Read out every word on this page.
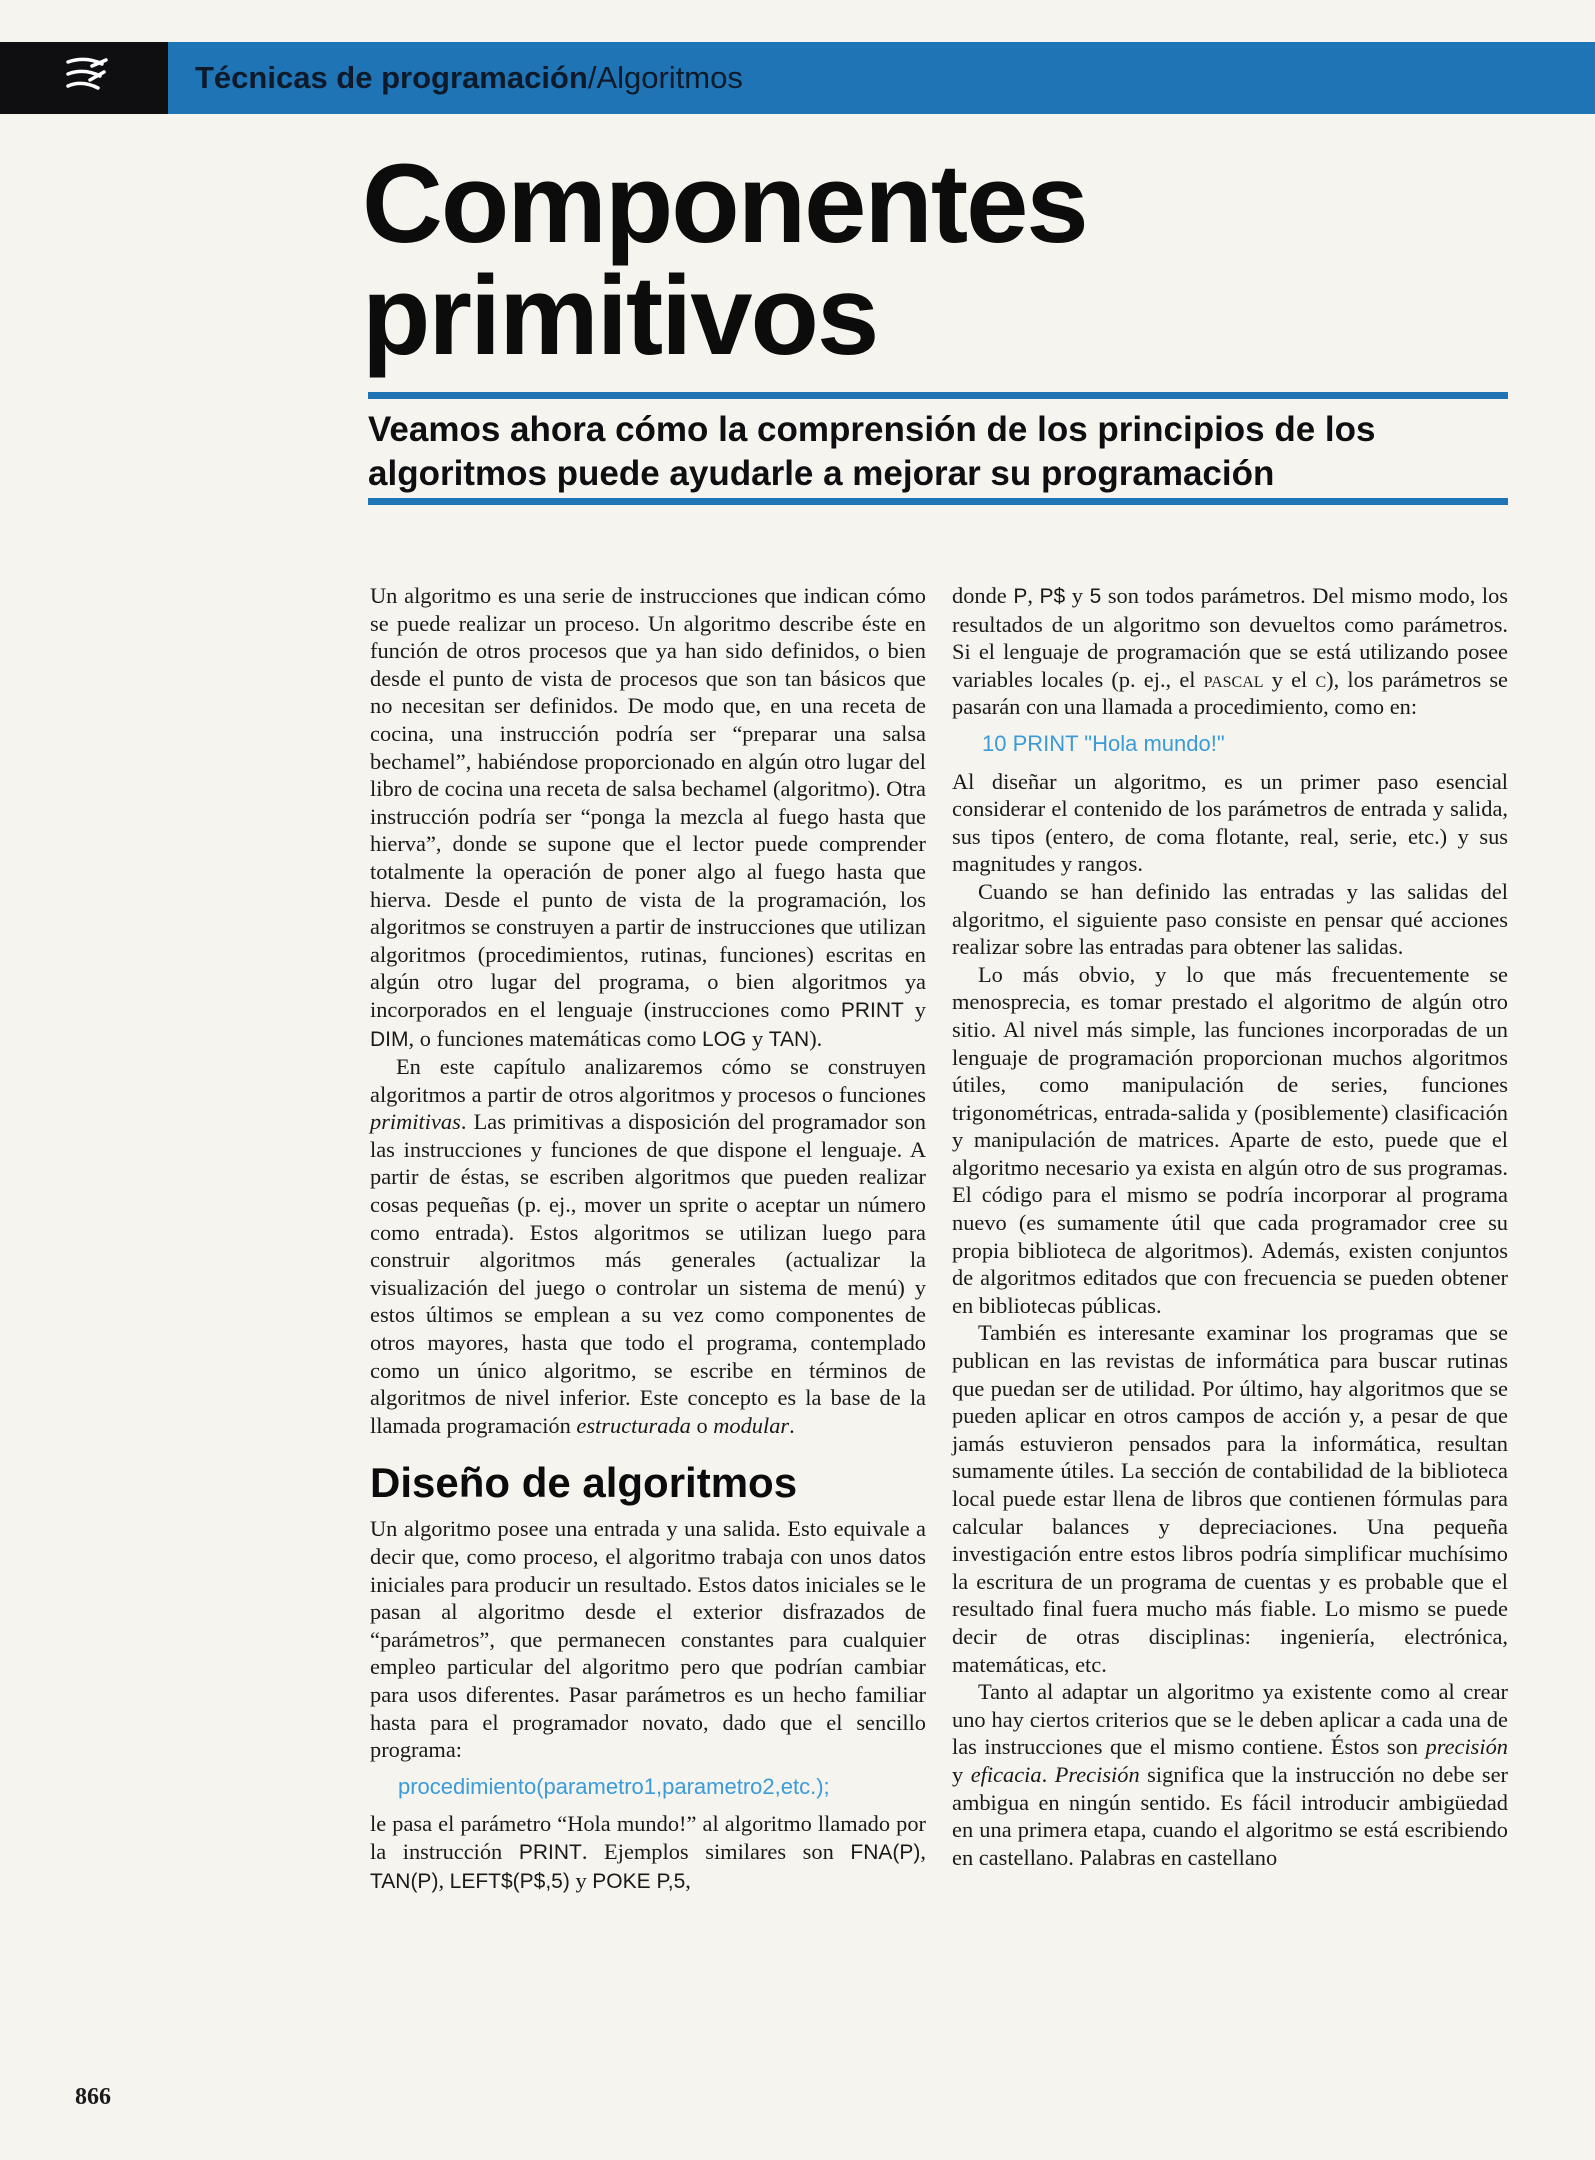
Técnicas de programación/Algoritmos
Componentes
primitivos
Veamos ahora cómo la comprensión de los principios de los algoritmos puede ayudarle a mejorar su programación

Un algoritmo es una serie de instrucciones que indican cómo se puede realizar un proceso. Un algoritmo describe éste en función de otros procesos que ya han sido definidos, o bien desde el punto de vista de procesos que son tan básicos que no necesitan ser definidos. De modo que, en una receta de cocina, una instrucción podría ser “preparar una salsa bechamel”, habiéndose proporcionado en algún otro lugar del libro de cocina una receta de salsa bechamel (algoritmo). Otra instrucción podría ser “ponga la mezcla al fuego hasta que hierva”, donde se supone que el lector puede comprender totalmente la operación de poner algo al fuego hasta que hierva. Desde el punto de vista de la programación, los algoritmos se construyen a partir de instrucciones que utilizan algoritmos (procedimientos, rutinas, funciones) escritas en algún otro lugar del programa, o bien algoritmos ya incorporados en el lenguaje (instrucciones como PRINT y DIM, o funciones matemáticas como LOG y TAN).

En este capítulo analizaremos cómo se construyen algoritmos a partir de otros algoritmos y procesos o funciones primitivas. Las primitivas a disposición del programador son las instrucciones y funciones de que dispone el lenguaje. A partir de éstas, se escriben algoritmos que pueden realizar cosas pequeñas (p. ej., mover un sprite o aceptar un número como entrada). Estos algoritmos se utilizan luego para construir algoritmos más generales (actualizar la visualización del juego o controlar un sistema de menú) y estos últimos se emplean a su vez como componentes de otros mayores, hasta que todo el programa, contemplado como un único algoritmo, se escribe en términos de algoritmos de nivel inferior. Este concepto es la base de la llamada programación estructurada o modular.

Diseño de algoritmos

Un algoritmo posee una entrada y una salida. Esto equivale a decir que, como proceso, el algoritmo trabaja con unos datos iniciales para producir un resultado. Estos datos iniciales se le pasan al algoritmo desde el exterior disfrazados de “parámetros”, que permanecen constantes para cualquier empleo particular del algoritmo pero que podrían cambiar para usos diferentes. Pasar parámetros es un hecho familiar hasta para el programador novato, dado que el sencillo programa:

procedimiento(parametro1,parametro2,etc.);

le pasa el parámetro “Hola mundo!” al algoritmo llamado por la instrucción PRINT. Ejemplos similares son FNA(P), TAN(P), LEFT$(P$,5) y POKE P,5,

donde P, P$ y 5 son todos parámetros. Del mismo modo, los resultados de un algoritmo son devueltos como parámetros. Si el lenguaje de programación que se está utilizando posee variables locales (p. ej., el pascal y el c), los parámetros se pasarán con una llamada a procedimiento, como en:

10 PRINT "Hola mundo!"

Al diseñar un algoritmo, es un primer paso esencial considerar el contenido de los parámetros de entrada y salida, sus tipos (entero, de coma flotante, real, serie, etc.) y sus magnitudes y rangos.

Cuando se han definido las entradas y las salidas del algoritmo, el siguiente paso consiste en pensar qué acciones realizar sobre las entradas para obtener las salidas.

Lo más obvio, y lo que más frecuentemente se menosprecia, es tomar prestado el algoritmo de algún otro sitio. Al nivel más simple, las funciones incorporadas de un lenguaje de programación proporcionan muchos algoritmos útiles, como manipulación de series, funciones trigonométricas, entrada-salida y (posiblemente) clasificación y manipulación de matrices. Aparte de esto, puede que el algoritmo necesario ya exista en algún otro de sus programas. El código para el mismo se podría incorporar al programa nuevo (es sumamente útil que cada programador cree su propia biblioteca de algoritmos). Además, existen conjuntos de algoritmos editados que con frecuencia se pueden obtener en bibliotecas públicas.

También es interesante examinar los programas que se publican en las revistas de informática para buscar rutinas que puedan ser de utilidad. Por último, hay algoritmos que se pueden aplicar en otros campos de acción y, a pesar de que jamás estuvieron pensados para la informática, resultan sumamente útiles. La sección de contabilidad de la biblioteca local puede estar llena de libros que contienen fórmulas para calcular balances y depreciaciones. Una pequeña investigación entre estos libros podría simplificar muchísimo la escritura de un programa de cuentas y es probable que el resultado final fuera mucho más fiable. Lo mismo se puede decir de otras disciplinas: ingeniería, electrónica, matemáticas, etc.

Tanto al adaptar un algoritmo ya existente como al crear uno hay ciertos criterios que se le deben aplicar a cada una de las instrucciones que el mismo contiene. Éstos son precisión y eficacia. Precisión significa que la instrucción no debe ser ambigua en ningún sentido. Es fácil introducir ambigüedad en una primera etapa, cuando el algoritmo se está escribiendo en castellano. Palabras en castellano

866
